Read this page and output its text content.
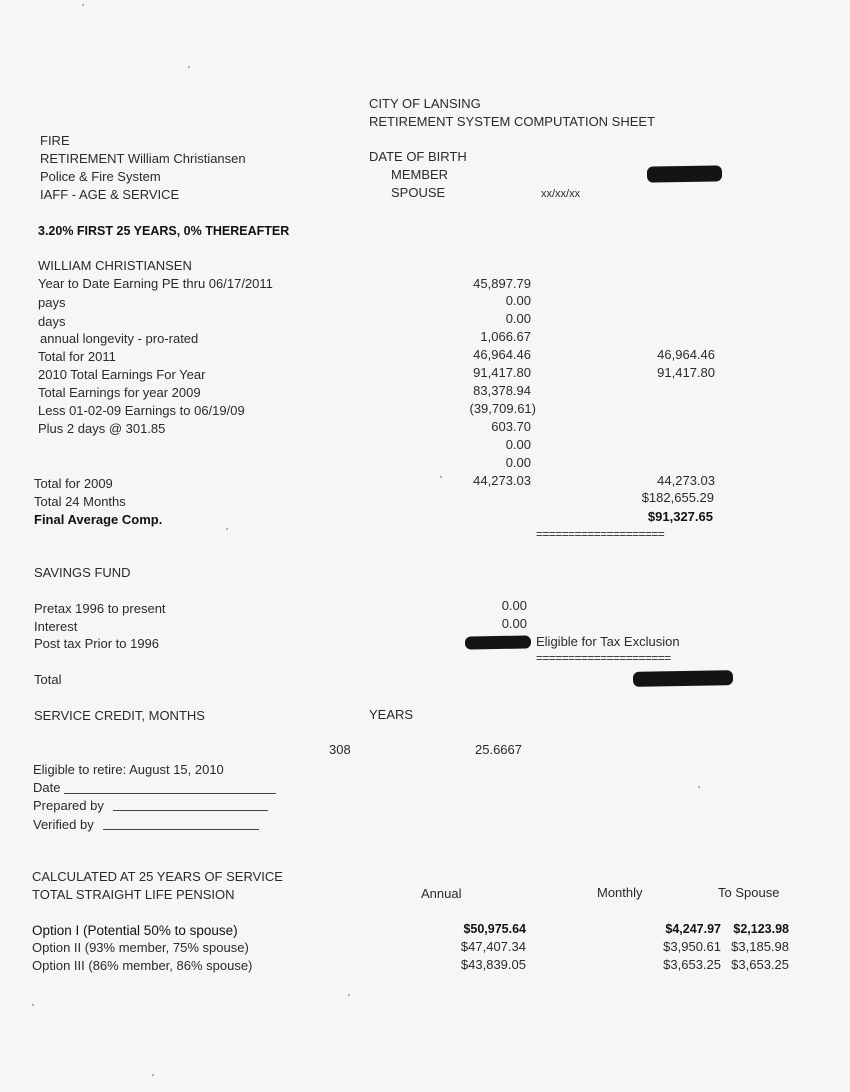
CITY OF LANSING
RETIREMENT SYSTEM COMPUTATION SHEET
FIRE
RETIREMENT William Christiansen
Police & Fire System
IAFF - AGE & SERVICE
DATE OF BIRTH
MEMBER
SPOUSE	xx/xx/xx
3.20% FIRST 25 YEARS, 0% THEREAFTER
WILLIAM CHRISTIANSEN
Year to Date Earning PE thru 06/17/2011	45,897.79
pays	0.00
days	0.00
annual longevity - pro-rated	1,066.67
Total for 2011	46,964.46	46,964.46
2010 Total Earnings For Year	91,417.80	91,417.80
Total Earnings for year 2009	83,378.94
Less 01-02-09 Earnings to 06/19/09	(39,709.61)
Plus 2 days @ 301.85	603.70
0.00
0.00
Total for 2009	44,273.03	44,273.03
Total 24 Months	$182,655.29
Final Average Comp.	$91,327.65
====================
SAVINGS FUND
Pretax 1996 to present	0.00
Interest	0.00
Post tax Prior to 1996	Eligible for Tax Exclusion
=====================
Total
SERVICE CREDIT, MONTHS	YEARS
308	25.6667
Eligible to retire: August 15, 2010
Date
Prepared by
Verified by
CALCULATED AT 25 YEARS OF SERVICE
TOTAL STRAIGHT LIFE PENSION	Annual	Monthly	To Spouse
Option I (Potential 50% to spouse)	$50,975.64	$4,247.97 $2,123.98
Option II (93% member, 75% spouse)	$47,407.34	$3,950.61 $3,185.98
Option III (86% member, 86% spouse)	$43,839.05	$3,653.25 $3,653.25
